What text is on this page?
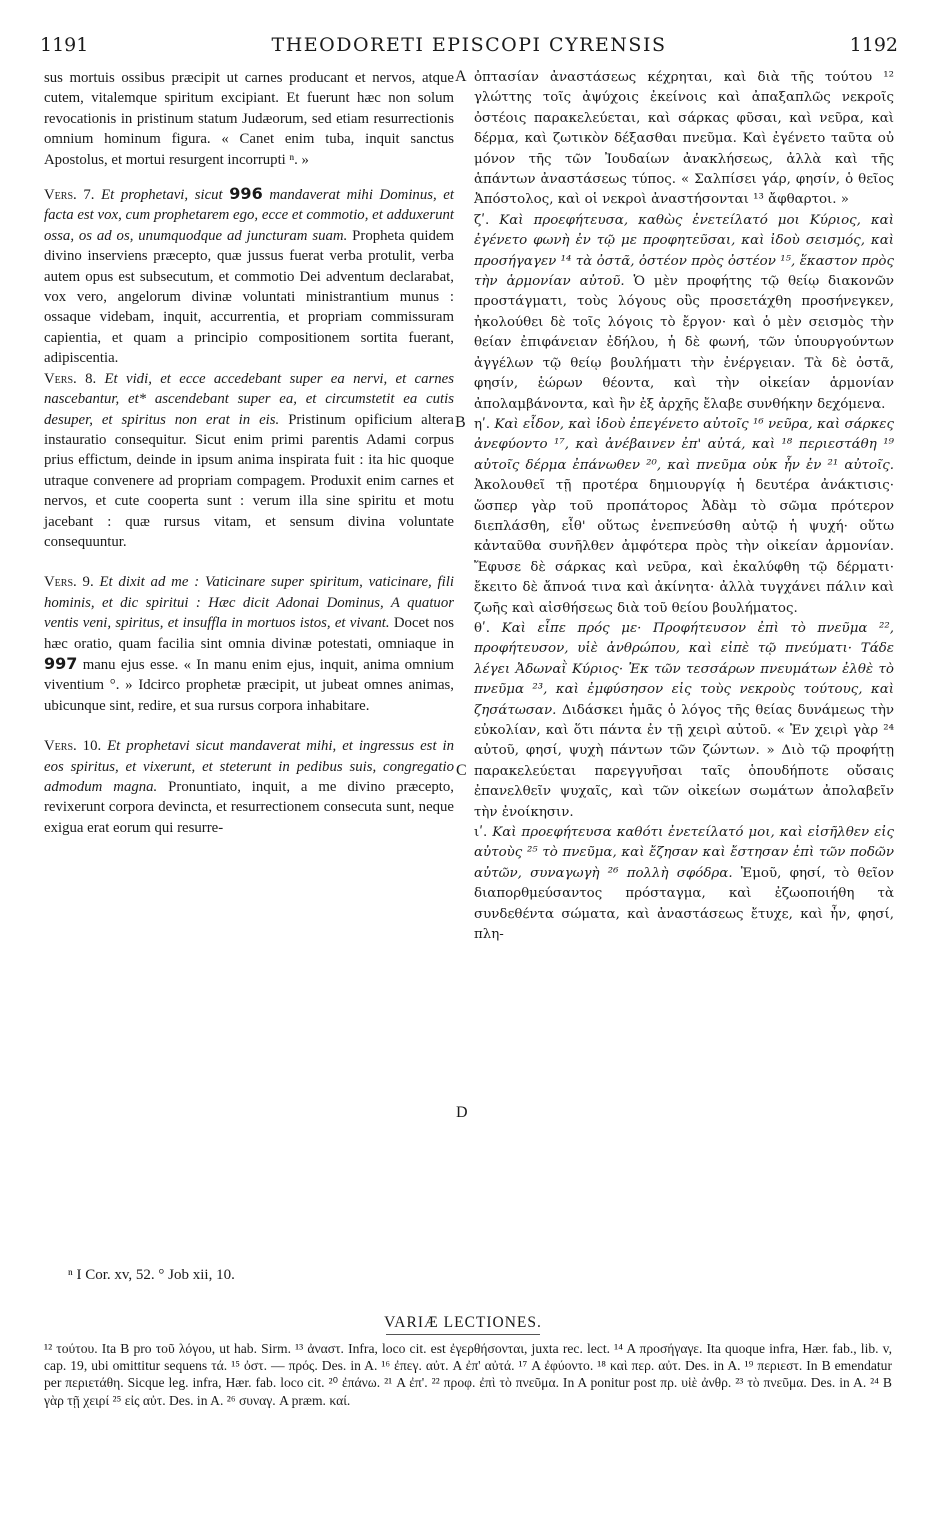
1191	THEODORETI EPISCOPI CYRENSIS	1192

sus mortuis ossibus præcipit ut carnes producant et nervos, atque cutem, vitalemque spiritum excipiant. Et fuerunt hæc non solum revocationis in pristinum statum Judæorum, sed etiam resurrectionis omnium hominum figura. « Canet enim tuba, inquit sanctus Apostolus, et mortui resurgent incorrupti ⁿ. »

Vers. 7. Et prophetavi, sicut 996 mandaverat mihi Dominus, et facta est vox, cum prophetarem ego, ecce et commotio, et adduxerunt ossa, os ad os, unumquodque ad juncturam suam. Propheta quidem divino inserviens præcepto, quæ jussus fuerat verba protulit, verba autem opus est subsecutum, et commotio Dei adventum declarabat, vox vero, angelorum divinæ voluntati ministrantium munus : ossaque videbam, inquit, accurrentia, et propriam commissuram capientia, et quam a principio compositionem sortita fuerant, adipiscentia.

Vers. 8. Et vidi, et ecce accedebant super ea nervi, et carnes nascebantur, et* ascendebant super ea, et circumstetit ea cutis desuper, et spiritus non erat in eis. Pristinum opificium altera instauratio consequitur. Sicut enim primi parentis Adami corpus prius effictum, deinde in ipsum anima inspirata fuit : ita hic quoque utraque convenere ad propriam compagem. Produxit enim carnes et nervos, et cute cooperta sunt : verum illa sine spiritu et motu jacebant : quæ rursus vitam, et sensum divina voluntate consequuntur.

Vers. 9. Et dixit ad me : Vaticinare super spiritum, vaticinare, fili hominis, et dic spiritui : Hæc dicit Adonai Dominus, A quatuor ventis veni, spiritus, et insuffla in mortuos istos, et vivant. Docet nos hæc oratio, quam facilia sint omnia divinæ potestati, omniaque in 997 manu ejus esse. « In manu enim ejus, inquit, anima omnium viventium °. » Idcirco prophetæ præcipit, ut jubeat omnes animas, ubicunque sint, redire, et sua rursus corpora inhabitare.

Vers. 10. Et prophetavi sicut mandaverat mihi, et ingressus est in eos spiritus, et vixerunt, et steterunt in pedibus suis, congregatio admodum magna. Pronuntiato, inquit, a me divino præcepto, revixerunt corpora devincta, et resurrectionem consecuta sunt, neque exigua erat eorum qui resurre-

ὀπτασίαν ἀναστάσεως κέχρηται, καὶ διὰ τῆς τούτου ¹² γλώττης τοῖς ἀψύχοις ἐκείνοις καὶ ἀπαξαπλῶς νεκροῖς ὀστέοις παρακελεύεται, καὶ σάρκας φῦσαι, καὶ νεῦρα, καὶ δέρμα, καὶ ζωτικὸν δέξασθαι πνεῦμα. Καὶ ἐγένετο ταῦτα οὐ μόνον τῆς τῶν Ἰουδαίων ἀνακλήσεως, ἀλλὰ καὶ τῆς ἁπάντων ἀναστάσεως τύπος. « Σαλπίσει γάρ, φησίν, ὁ θεῖος Ἀπόστολος, καὶ οἱ νεκροὶ ἀναστήσονται ¹³ ἄφθαρτοι. »

ζʹ. Καὶ προεφήτευσα, καθὼς ἐνετείλατό μοι Κύριος, καὶ ἐγένετο φωνὴ ἐν τῷ με προφητεῦσαι, καὶ ἰδοὺ σεισμός, καὶ προσήγαγεν ¹⁴ τὰ ὀστᾶ, ὀστέον πρὸς ὀστέον ¹⁵, ἕκαστον πρὸς τὴν ἁρμονίαν αὐτοῦ. Ὁ μὲν προφήτης τῷ θείῳ διακονῶν προστάγματι, τοὺς λόγους οὓς προσετάχθη προσήνεγκεν, ἠκολούθει δὲ τοῖς λόγοις τὸ ἔργον· καὶ ὁ μὲν σεισμὸς τὴν θείαν ἐπιφάνειαν ἐδήλου, ἡ δὲ φωνή, τῶν ὑπουργούντων ἀγγέλων τῷ θείῳ βουλήματι τὴν ἐνέργειαν. Τὰ δὲ ὀστᾶ, φησίν, ἑώρων θέοντα, καὶ τὴν οἰκείαν ἁρμονίαν ἀπολαμβάνοντα, καὶ ἣν ἐξ ἀρχῆς ἔλαβε συνθήκην δεχόμενα.

ηʹ. Καὶ εἶδον, καὶ ἰδοὺ ἐπεγένετο αὐτοῖς ¹⁶ νεῦρα, καὶ σάρκες ἀνεφύοντο ¹⁷, καὶ ἀνέβαινεν ἐπ' αὐτά, καὶ ¹⁸ περιεστάθη ¹⁹ αὐτοῖς δέρμα ἐπάνωθεν ²⁰, καὶ πνεῦμα οὐκ ἦν ἐν ²¹ αὐτοῖς. Ἀκολουθεῖ τῇ προτέρα δημιουργίᾳ ἡ δευτέρα ἀνάκτισις· ὥσπερ γὰρ τοῦ προπάτορος Ἀδὰμ τὸ σῶμα πρότερον διεπλάσθη, εἶθ' οὕτως ἐνεπνεύσθη αὐτῷ ἡ ψυχή· οὕτω κἀνταῦθα συνῆλθεν ἀμφότερα πρὸς τὴν οἰκείαν ἁρμονίαν. Ἔφυσε δὲ σάρκας καὶ νεῦρα, καὶ ἐκαλύφθη τῷ δέρματι· ἔκειτο δὲ ἄπνοά τινα καὶ ἀκίνητα· ἀλλὰ τυγχάνει πάλιν καὶ ζωῆς καὶ αἰσθήσεως διὰ τοῦ θείου βουλήματος.

θʹ. Καὶ εἶπε πρός με· Προφήτευσον ἐπὶ τὸ πνεῦμα ²², προφήτευσον, υἱὲ ἀνθρώπου, καὶ εἰπὲ τῷ πνεύματι· Τάδε λέγει Ἀδωναῒ Κύριος· Ἐκ τῶν τεσσάρων πνευμάτων ἐλθὲ τὸ πνεῦμα ²³, καὶ ἐμφύσησον εἰς τοὺς νεκροὺς τούτους, καὶ ζησάτωσαν. Διδάσκει ἡμᾶς ὁ λόγος τῆς θείας δυνάμεως τὴν εὐκολίαν, καὶ ὅτι πάντα ἐν τῇ χειρὶ αὐτοῦ. « Ἐν χειρὶ γὰρ ²⁴ αὐτοῦ, φησί, ψυχὴ πάντων τῶν ζώντων. » Διὸ τῷ προφήτῃ παρακελεύεται παρεγγυῆσαι ταῖς ὁπουδήποτε οὔσαις ἐπανελθεῖν ψυχαῖς, καὶ τῶν οἰκείων σωμάτων ἀπολαβεῖν τὴν ἐνοίκησιν.

ιʹ. Καὶ προεφήτευσα καθότι ἐνετείλατό μοι, καὶ εἰσῆλθεν εἰς αὐτοὺς ²⁵ τὸ πνεῦμα, καὶ ἔζησαν καὶ ἔστησαν ἐπὶ τῶν ποδῶν αὐτῶν, συναγωγὴ ²⁶ πολλὴ σφόδρα. Ἐμοῦ, φησί, τὸ θεῖον διαπορθμεύσαντος πρόσταγμα, καὶ ἐζωοποιήθη τὰ συνδεθέντα σώματα, καὶ ἀναστάσεως ἔτυχε, καὶ ἦν, φησί, πλη-

A
B
C
D
ⁿ I Cor. xv, 52. ° Job xii, 10.
VARIÆ LECTIONES.
¹² τούτου. Ita B pro τοῦ λόγου, ut hab. Sirm. ¹³ ἀναστ. Infra, loco cit. est ἐγερθήσονται, juxta rec. lect. ¹⁴ A προσήγαγε. Ita quoque infra, Hær. fab., lib. v, cap. 19, ubi omittitur sequens τά. ¹⁵ ὀστ. — πρός. Des. in A. ¹⁶ ἐπεγ. αὐτ. A ἐπ' αὐτά. ¹⁷ A ἐφύοντο. ¹⁸ καὶ περ. αὐτ. Des. in A. ¹⁹ περιεστ. In B emendatur per περιετάθη. Sicque leg. infra, Hær. fab. loco cit. ²⁰ ἐπάνω. ²¹ A ἐπ'. ²² προφ. ἐπὶ τὸ πνεῦμα. In A ponitur post πρ. υἱὲ ἀνθρ. ²³ τὸ πνεῦμα. Des. in A. ²⁴ B γὰρ τῇ χειρί ²⁵ εἰς αὐτ. Des. in A. ²⁶ συναγ. A præm. καί.
